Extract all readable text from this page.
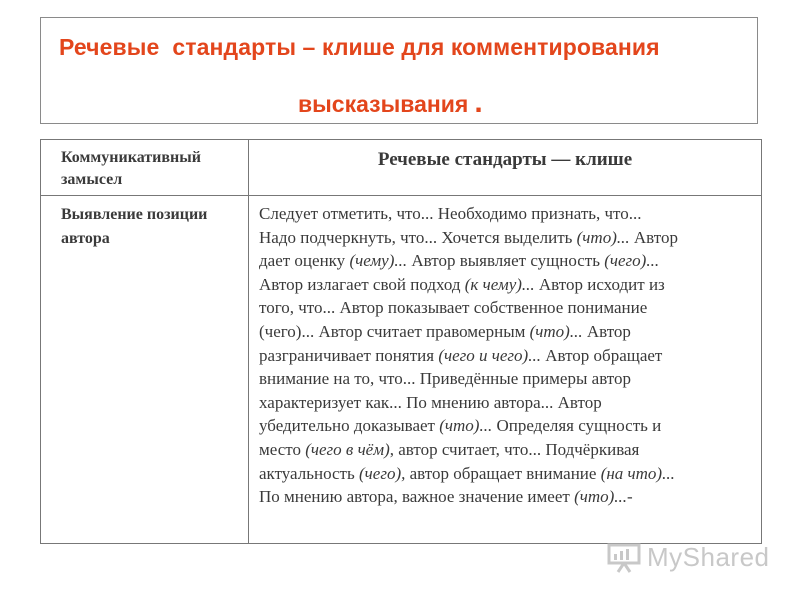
Речевые  стандарты – клише для комментирования
высказывания .
Коммуникативный замысел
Речевые стандарты — клише
Выявление позиции автора
Следует отметить, что... Необходимо признать, что...
Надо подчеркнуть, что... Хочется выделить (что)... Автор
дает оценку (чему)... Автор выявляет сущность (чего)...
Автор излагает свой подход (к чему)... Автор исходит из
того, что... Автор показывает собственное понимание
(чего)... Автор считает правомерным (что)... Автор
разграничивает понятия (чего и чего)... Автор обращает
внимание на то, что... Приведённые примеры автор
характеризует как... По мнению автора... Автор
убедительно доказывает (что)... Определяя сущность и
место (чего в чём), автор считает, что... Подчёркивая
актуальность (чего), автор обращает внимание (на что)...
По мнению автора, важное значение имеет (что)...-
MyShared
